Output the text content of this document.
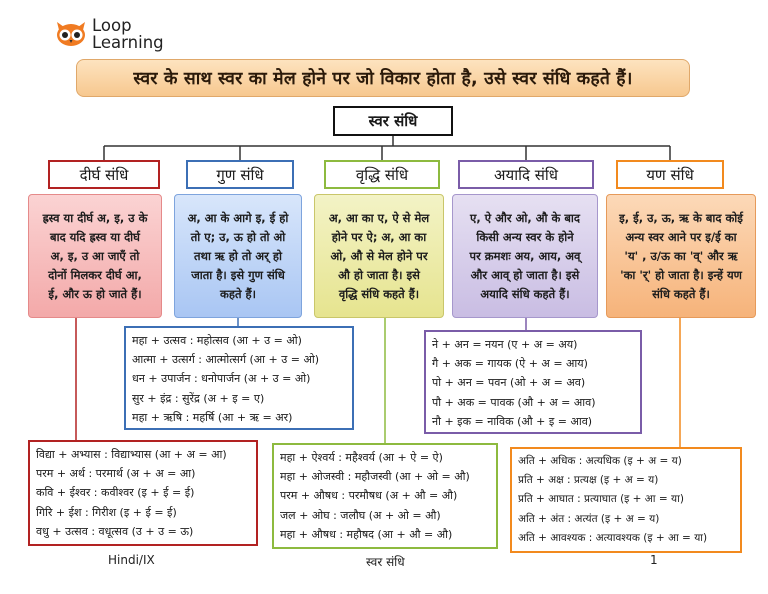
Loop
Learning
स्वर के साथ स्वर का मेल होने पर जो विकार होता है, उसे स्वर संधि कहते हैं।
स्वर संधि
दीर्घ संधि	गुण संधि	वृद्धि संधि	अयादि संधि	यण संधि
ह्रस्व या दीर्घ अ, इ, उ के
बाद यदि ह्रस्व या दीर्घ
अ, इ, उ आ जाएँ तो
दोनों मिलकर दीर्घ आ,
ई, और ऊ हो जाते हैं।
अ, आ के आगे इ, ई हो
तो ए; उ, ऊ हो तो ओ
तथा ऋ हो तो अर् हो
जाता है। इसे गुण संधि
कहते हैं।
अ, आ का ए, ऐ से मेल
होने पर ऐ; अ, आ का
ओ, औ से मेल होने पर
औ हो जाता है। इसे
वृद्धि संधि कहते हैं।
ए, ऐ और ओ, औ के बाद
किसी अन्य स्वर के होने
पर क्रमशः अय, आय, अव्
और आव् हो जाता है। इसे
अयादि संधि कहते हैं।
इ, ई, उ, ऊ, ऋ के बाद कोई
अन्य स्वर आने पर इ/ई का
'य' , उ/ऊ का 'व्' और ऋ
'का 'र्' हो जाता है। इन्हें यण
संधि कहते हैं।
महा + उत्सव : महोत्सव (आ + उ = ओ)
आत्मा + उत्सर्ग : आत्मोत्सर्ग (आ + उ = ओ)
धन + उपार्जन : धनोपार्जन (अ + उ = ओ)
सुर + इंद्र : सुरेंद्र (अ + इ = ए)
महा + ऋषि : महर्षि (आ + ऋ = अर)
ने + अन = नयन (ए + अ = अय)
गै + अक = गायक (ऐ + अ = आय)
पो + अन = पवन (ओ + अ = अव)
पौ + अक = पावक (औ + अ = आव)
नौ + इक = नाविक (औ + इ = आव)
विद्या + अभ्यास : विद्याभ्यास (आ + अ = आ)
परम + अर्थ : परमार्थ (अ + अ = आ)
कवि + ईश्वर : कवीश्वर (इ + ई = ई)
गिरि + ईश : गिरीश (इ + ई = ई)
वधु + उत्सव : वधूत्सव (उ + उ = ऊ)
महा + ऐश्वर्य : महैश्वर्य (आ + ऐ = ऐ)
महा + ओजस्वी : महौजस्वी (आ + ओ = औ)
परम + औषध : परमौषध (अ + औ = औ)
जल + ओघ : जलौघ (अ + ओ = औ)
महा + औषध : महौषद (आ + औ = औ)
अति + अधिक : अत्यधिक (इ + अ = य)
प्रति + अक्ष : प्रत्यक्ष (इ + अ = य)
प्रति + आघात : प्रत्याघात (इ + आ = या)
अति + अंत : अत्यंत (इ + अ = य)
अति + आवश्यक : अत्यावश्यक (इ + आ = या)
Hindi/IX	स्वर संधि	1
